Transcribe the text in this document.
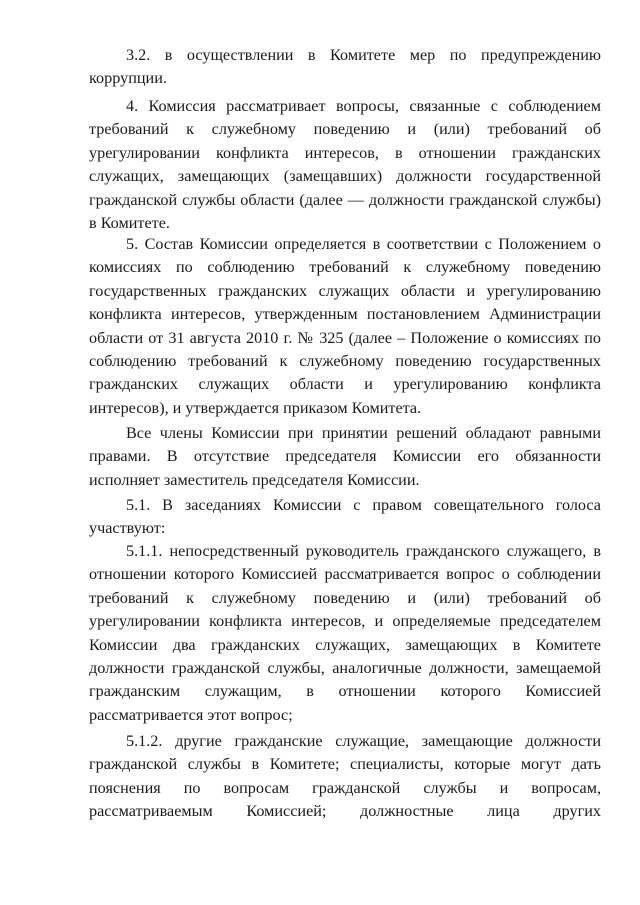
3.2. в осуществлении в Комитете мер по предупреждению коррупции.

4. Комиссия рассматривает вопросы, связанные с соблюдением требований к служебному поведению и (или) требований об урегулировании конфликта интересов, в отношении гражданских служащих, замещающих (замещавших) должности государственной гражданской службы области (далее — должности гражданской службы) в Комитете.

5. Состав Комиссии определяется в соответствии с Положением о комиссиях по соблюдению требований к служебному поведению государственных гражданских служащих области и урегулированию конфликта интересов, утвержденным постановлением Администрации области от 31 августа 2010 г. № 325 (далее – Положение о комиссиях по соблюдению требований к служебному поведению государственных гражданских служащих области и урегулированию конфликта интересов), и утверждается приказом Комитета.

Все члены Комиссии при принятии решений обладают равными правами. В отсутствие председателя Комиссии его обязанности исполняет заместитель председателя Комиссии.

5.1. В заседаниях Комиссии с правом совещательного голоса участвуют:

5.1.1. непосредственный руководитель гражданского служащего, в отношении которого Комиссией рассматривается вопрос о соблюдении требований к служебному поведению и (или) требований об урегулировании конфликта интересов, и определяемые председателем Комиссии два гражданских служащих, замещающих в Комитете должности гражданской службы, аналогичные должности, замещаемой гражданским служащим, в отношении которого Комиссией рассматривается этот вопрос;

5.1.2. другие гражданские служащие, замещающие должности гражданской службы в Комитете; специалисты, которые могут дать пояснения по вопросам гражданской службы и вопросам, рассматриваемым Комиссией; должностные лица других
